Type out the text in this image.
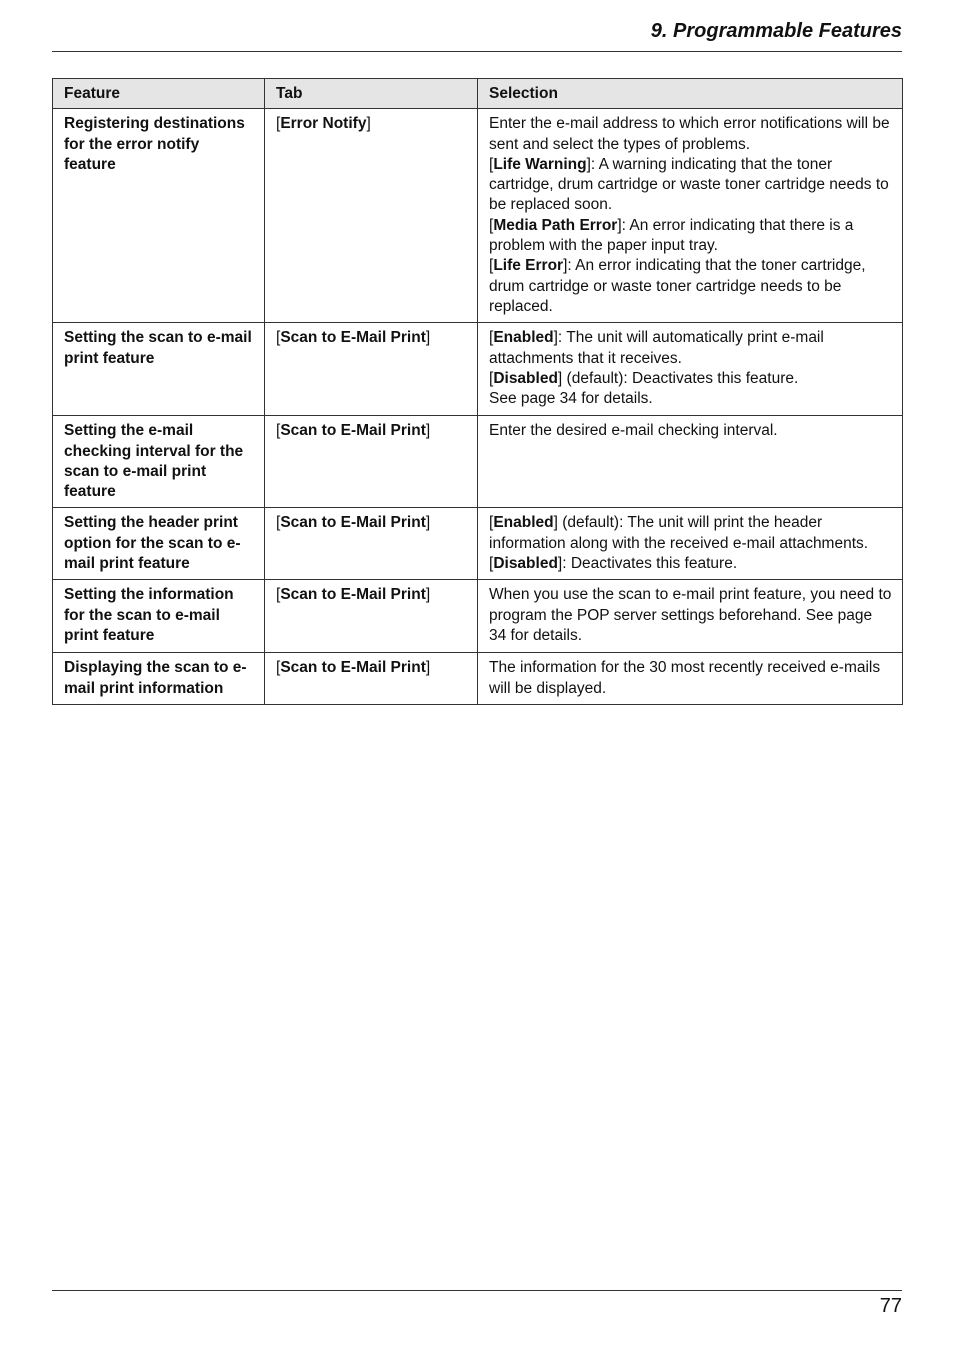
9. Programmable Features
Feature	Tab	Selection
Registering destinations for the error notify feature	[Error Notify]	Enter the e-mail address to which error notifications will be sent and select the types of problems.
[Life Warning]: A warning indicating that the toner cartridge, drum cartridge or waste toner cartridge needs to be replaced soon.
[Media Path Error]: An error indicating that there is a problem with the paper input tray.
[Life Error]: An error indicating that the toner cartridge, drum cartridge or waste toner cartridge needs to be replaced.

Setting the scan to e-mail print feature	[Scan to E-Mail Print]	[Enabled]: The unit will automatically print e-mail attachments that it receives.
[Disabled] (default): Deactivates this feature.
See page 34 for details.

Setting the e-mail checking interval for the scan to e-mail print feature	[Scan to E-Mail Print]	Enter the desired e-mail checking interval.

Setting the header print option for the scan to e-mail print feature	[Scan to E-Mail Print]	[Enabled] (default): The unit will print the header information along with the received e-mail attachments.
[Disabled]: Deactivates this feature.

Setting the information for the scan to e-mail print feature	[Scan to E-Mail Print]	When you use the scan to e-mail print feature, you need to program the POP server settings beforehand. See page 34 for details.

Displaying the scan to e-mail print information	[Scan to E-Mail Print]	The information for the 30 most recently received e-mails will be displayed.
77
